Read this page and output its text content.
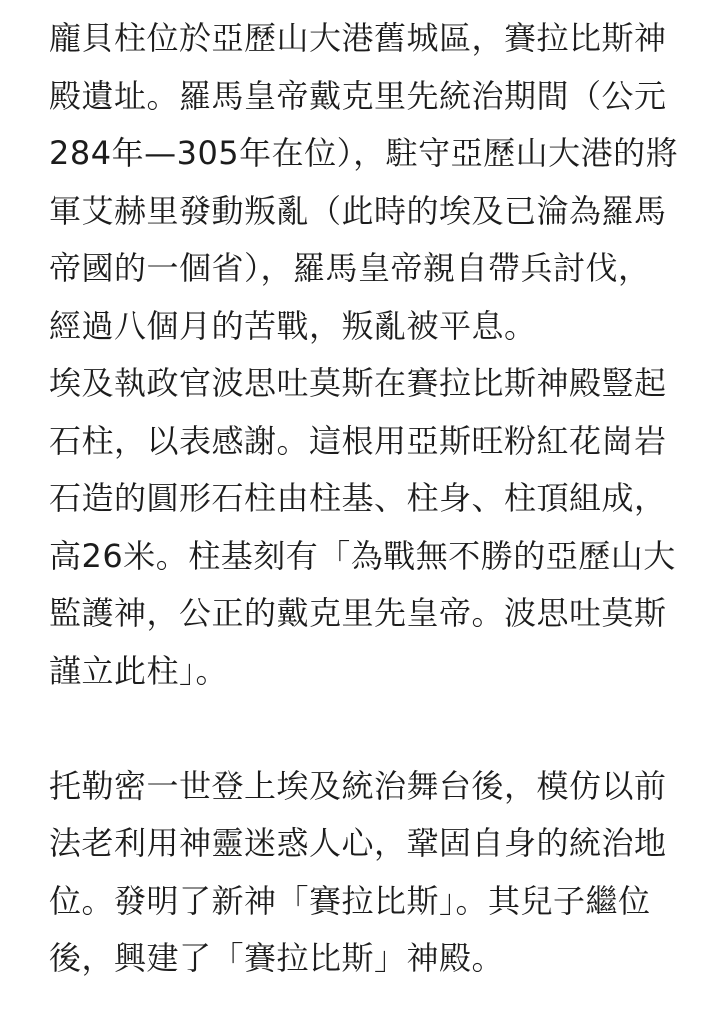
龐貝柱位於亞歷山大港舊城區，賽拉比斯神
殿遺址。羅馬皇帝戴克里先統治期間（公元
284年—305年在位），駐守亞歷山大港的將
軍艾赫里發動叛亂（此時的埃及已淪為羅馬
帝國的一個省），羅馬皇帝親自帶兵討伐，
經過八個月的苦戰，叛亂被平息。
埃及執政官波思吐莫斯在賽拉比斯神殿豎起
石柱，以表感謝。這根用亞斯旺粉紅花崗岩
石造的圓形石柱由柱基、柱身、柱頂組成，
高26米。柱基刻有「為戰無不勝的亞歷山大
監護神，公正的戴克里先皇帝。波思吐莫斯
謹立此柱」。
托勒密一世登上埃及統治舞台後，模仿以前
法老利用神靈迷惑人心，鞏固自身的統治地
位。發明了新神「賽拉比斯」。其兒子繼位
後，興建了「賽拉比斯」神殿。
